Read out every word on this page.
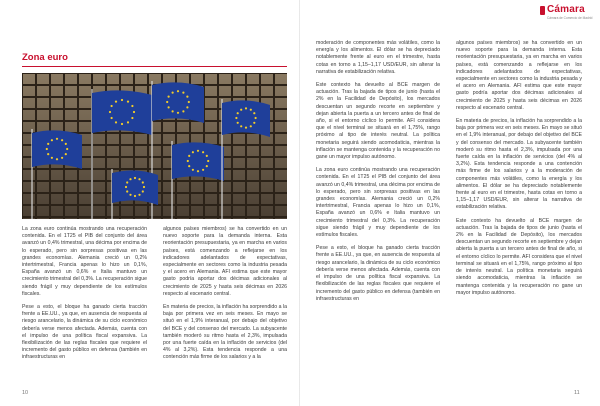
Zona euro

La zona euro continúa mostrando una recuperación contenida. En el 1T25 el PIB del conjunto del área avanzó un 0,4% trimestral, una décima por encima de lo esperado, pero sin sorpresas positivas en las grandes economías. Alemania creció un 0,2% intertrimestral, Francia apenas lo hizo un 0,1%, España avanzó un 0,6% e Italia mantuvo un crecimiento trimestral del 0,3%. La recuperación sigue siendo frágil y muy dependiente de los estímulos fiscales.

Pese a esto, el bloque ha ganado cierta tracción frente a EE.UU., ya que, en ausencia de respuesta al riesgo arancelario, la dinámica de su ciclo económico debería verse menos afectada. Además, cuenta con el impulso de una política fiscal expansiva. La flexibilización de las reglas fiscales que requiere el incremento del gasto público en defensa (también en infraestructuras en

algunos países miembros) se ha convertido en un nuevo soporte para la demanda interna. Esta reorientación presupuestaria, ya en marcha en varios países, está comenzando a reflejarse en los indicadores adelantados de expectativas, especialmente en sectores como la industria pesada y el acero en Alemania. AFI estima que este mayor gasto podría aportar dos décimas adicionales al crecimiento de 2025 y hasta seis décimas en 2026 respecto al escenario central.

En materia de precios, la inflación ha sorprendido a la baja por primera vez en seis meses. En mayo se situó en el 1,9% interanual, por debajo del objetivo del BCE y del consenso del mercado. La subyacente también moderó su ritmo hasta el 2,3%, impulsada por una fuerte caída en la inflación de servicios (del 4% al 3,2%). Esta tendencia responde a una contención más firme de los salarios y a la

10

Cámara

Cámara de Comercio de Madrid

moderación de componentes más volátiles, como la energía y los alimentos. El dólar se ha depreciado notablemente frente al euro en el trimestre, hasta cotas en torno a 1,15–1,17 USD/EUR, sin alterar la narrativa de estabilización relativa.

Este contexto ha devuelto al BCE margen de actuación. Tras la bajada de tipos de junio (hasta el 2% en la Facilidad de Depósito), los mercados descuentan un segundo recorte en septiembre y dejan abierta la puerta a un tercero antes de final de año, si el entorno cíclico lo permite. AFI considera que el nivel terminal se situará en el 1,75%, rango próximo al tipo de interés neutral. La política monetaria seguirá siendo acomodaticia, mientras la inflación se mantenga contenida y la recuperación no gane un mayor impulso autónomo.

La zona euro continúa mostrando una recuperación contenida. En el 1T25 el PIB del conjunto del área avanzó un 0,4% trimestral, una décima por encima de lo esperado, pero sin sorpresas positivas en las grandes economías. Alemania creció un 0,2% intertrimestral, Francia apenas lo hizo un 0,1%, España avanzó un 0,6% e Italia mantuvo un crecimiento trimestral del 0,3%. La recuperación sigue siendo frágil y muy dependiente de los estímulos fiscales.

Pese a esto, el bloque ha ganado cierta tracción frente a EE.UU., ya que, en ausencia de respuesta al riesgo arancelario, la dinámica de su ciclo económico debería verse menos afectada. Además, cuenta con el impulso de una política fiscal expansiva. La flexibilización de las reglas fiscales que requiere el incremento del gasto público en defensa (también en infraestructuras en

algunos países miembros) se ha convertido en un nuevo soporte para la demanda interna. Esta reorientación presupuestaria, ya en marcha en varios países, está comenzando a reflejarse en los indicadores adelantados de expectativas, especialmente en sectores como la industria pesada y el acero en Alemania. AFI estima que este mayor gasto podría aportar dos décimas adicionales al crecimiento de 2025 y hasta seis décimas en 2026 respecto al escenario central.

En materia de precios, la inflación ha sorprendido a la baja por primera vez en seis meses. En mayo se situó en el 1,9% interanual, por debajo del objetivo del BCE y del consenso del mercado. La subyacente también moderó su ritmo hasta el 2,3%, impulsada por una fuerte caída en la inflación de servicios (del 4% al 3,2%). Esta tendencia responde a una contención más firme de los salarios y a la moderación de componentes más volátiles, como la energía y los alimentos. El dólar se ha depreciado notablemente frente al euro en el trimestre, hasta cotas en torno a 1,15–1,17 USD/EUR, sin alterar la narrativa de estabilización relativa.

Este contexto ha devuelto al BCE margen de actuación. Tras la bajada de tipos de junio (hasta el 2% en la Facilidad de Depósito), los mercados descuentan un segundo recorte en septiembre y dejan abierta la puerta a un tercero antes de final de año, si el entorno cíclico lo permite. AFI considera que el nivel terminal se situará en el 1,75%, rango próximo al tipo de interés neutral. La política monetaria seguirá siendo acomodaticia, mientras la inflación se mantenga contenida y la recuperación no gane un mayor impulso autónomo.

11
